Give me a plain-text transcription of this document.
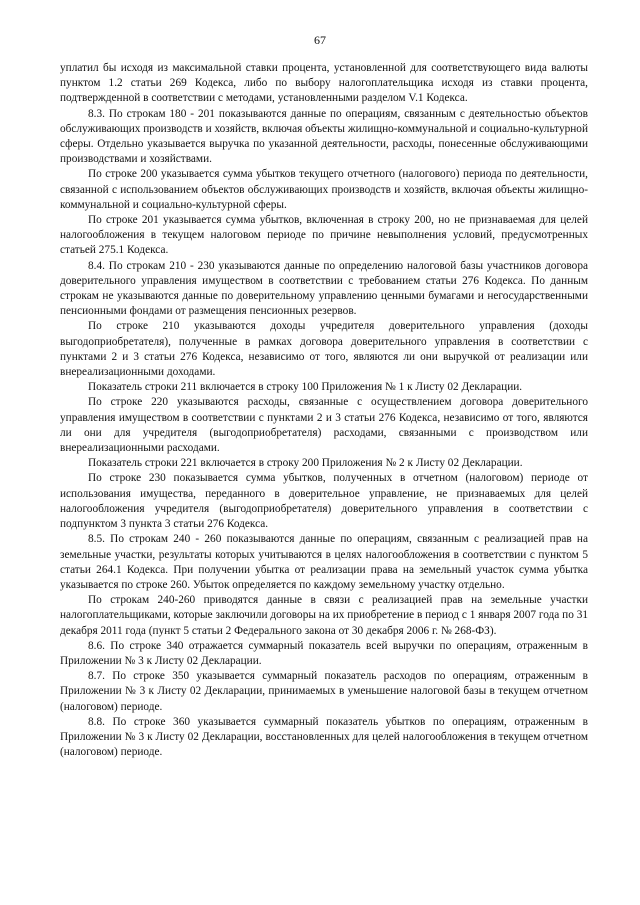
67

уплатил бы исходя из максимальной ставки процента, установленной для соответствующего вида валюты пунктом 1.2 статьи 269 Кодекса, либо по выбору налогоплательщика исходя из ставки процента, подтвержденной в соответствии с методами, установленными разделом V.1 Кодекса.

8.3. По строкам 180 - 201 показываются данные по операциям, связанным с деятельностью объектов обслуживающих производств и хозяйств, включая объекты жилищно-коммунальной и социально-культурной сферы. Отдельно указывается выручка по указанной деятельности, расходы, понесенные обслуживающими производствами и хозяйствами.

По строке 200 указывается сумма убытков текущего отчетного (налогового) периода по деятельности, связанной с использованием объектов обслуживающих производств и хозяйств, включая объекты жилищно-коммунальной и социально-культурной сферы.

По строке 201 указывается сумма убытков, включенная в строку 200, но не признаваемая для целей налогообложения в текущем налоговом периоде по причине невыполнения условий, предусмотренных статьей 275.1 Кодекса.

8.4. По строкам 210 - 230 указываются данные по определению налоговой базы участников договора доверительного управления имуществом в соответствии с требованием статьи 276 Кодекса. По данным строкам не указываются данные по доверительному управлению ценными бумагами и негосударственными пенсионными фондами от размещения пенсионных резервов.

По строке 210 указываются доходы учредителя доверительного управления (доходы выгодоприобретателя), полученные в рамках договора доверительного управления в соответствии с пунктами 2 и 3 статьи 276 Кодекса, независимо от того, являются ли они выручкой от реализации или внереализационными доходами.

Показатель строки 211 включается в строку 100 Приложения № 1 к Листу 02 Декларации.

По строке 220 указываются расходы, связанные с осуществлением договора доверительного управления имуществом в соответствии с пунктами 2 и 3 статьи 276 Кодекса, независимо от того, являются ли они для учредителя (выгодоприобретателя) расходами, связанными с производством или внереализационными расходами.

Показатель строки 221 включается в строку 200 Приложения № 2 к Листу 02 Декларации.

По строке 230 показывается сумма убытков, полученных в отчетном (налоговом) периоде от использования имущества, переданного в доверительное управление, не признаваемых для целей налогообложения учредителя (выгодоприобретателя) доверительного управления в соответствии с подпунктом 3 пункта 3 статьи 276 Кодекса.

8.5. По строкам 240 - 260 показываются данные по операциям, связанным с реализацией прав на земельные участки, результаты которых учитываются в целях налогообложения в соответствии с пунктом 5 статьи 264.1 Кодекса. При получении убытка от реализации права на земельный участок сумма убытка указывается по строке 260. Убыток определяется по каждому земельному участку отдельно.

По строкам 240-260 приводятся данные в связи с реализацией прав на земельные участки налогоплательщиками, которые заключили договоры на их приобретение в период с 1 января 2007 года по 31 декабря 2011 года (пункт 5 статьи 2 Федерального закона от 30 декабря 2006 г. № 268-ФЗ).

8.6. По строке 340 отражается суммарный показатель всей выручки по операциям, отраженным в Приложении № 3 к Листу 02 Декларации.

8.7. По строке 350 указывается суммарный показатель расходов по операциям, отраженным в Приложении № 3 к Листу 02 Декларации, принимаемых в уменьшение налоговой базы в текущем отчетном (налоговом) периоде.

8.8. По строке 360 указывается суммарный показатель убытков по операциям, отраженным в Приложении № 3 к Листу 02 Декларации, восстановленных для целей налогообложения в текущем отчетном (налоговом) периоде.
